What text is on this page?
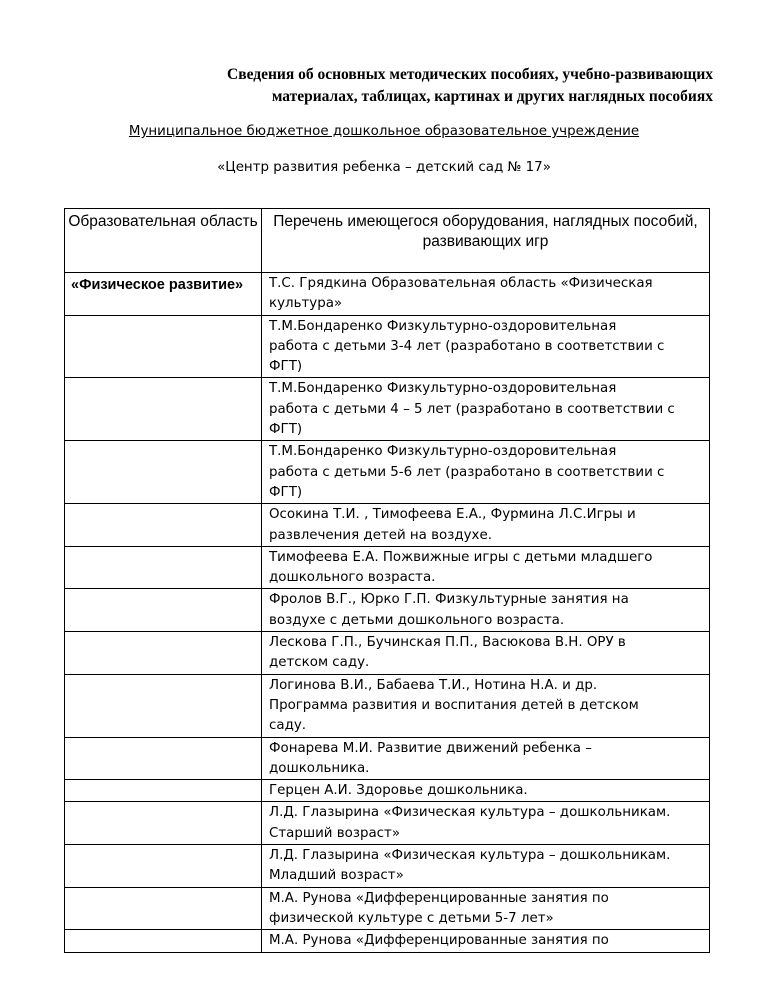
Сведения об основных методических пособиях, учебно-развивающих
материалах, таблицах, картинах и других наглядных пособиях
Муниципальное бюджетное дошкольное образовательное учреждение
«Центр развития ребенка – детский сад № 17»
Образовательная область	Перечень имеющегося оборудования, наглядных пособий, развивающих игр
«Физическое развитие»	Т.С. Грядкина Образовательная область «Физическая
культура»

	Т.М.Бондаренко Физкультурно-оздоровительная
работа с детьми 3-4 лет (разработано в соответствии с
ФГТ)

	Т.М.Бондаренко Физкультурно-оздоровительная
работа с детьми 4 – 5 лет (разработано в соответствии с
ФГТ)

	Т.М.Бондаренко Физкультурно-оздоровительная
работа с детьми 5-6 лет (разработано в соответствии с
ФГТ)

	Осокина Т.И. , Тимофеева Е.А., Фурмина Л.С.Игры и
развлечения детей на воздухе.

	Тимофеева Е.А. Пожвижные игры с детьми младшего
дошкольного возраста.

	Фролов В.Г., Юрко Г.П. Физкультурные занятия на
воздухе с детьми дошкольного возраста.

	Лескова Г.П., Бучинская П.П., Васюкова В.Н. ОРУ в
детском саду.

	Логинова В.И., Бабаева Т.И., Нотина Н.А. и др.
Программа развития и воспитания детей в детском
саду.

	Фонарева М.И. Развитие движений ребенка –
дошкольника.

	Герцен А.И. Здоровье дошкольника.

	Л.Д. Глазырина «Физическая культура – дошкольникам.
Старший возраст»

	Л.Д. Глазырина «Физическая культура – дошкольникам.
Младший возраст»

	М.А. Рунова «Дифференцированные занятия по
физической культуре с детьми 5-7 лет»

	М.А. Рунова «Дифференцированные занятия по
